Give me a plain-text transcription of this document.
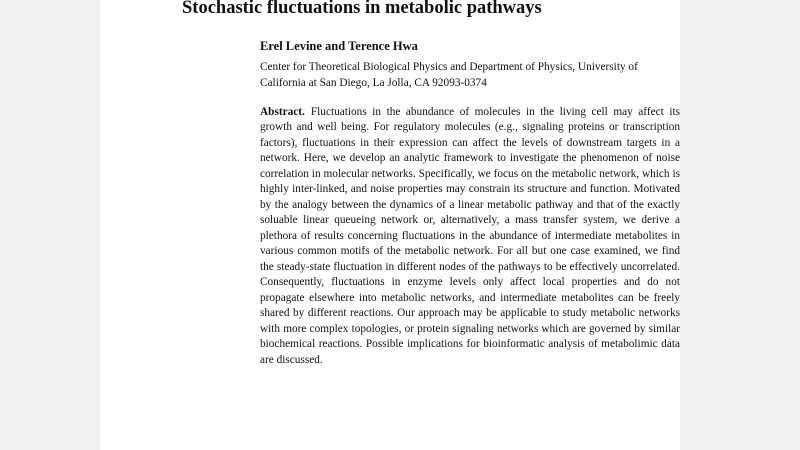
Stochastic fluctuations in metabolic pathways
Erel Levine and Terence Hwa
Center for Theoretical Biological Physics and Department of Physics, University of
California at San Diego, La Jolla, CA 92093-0374
Abstract. Fluctuations in the abundance of molecules in the living cell may affect its growth and well being. For regulatory molecules (e.g., signaling proteins or transcription factors), fluctuations in their expression can affect the levels of downstream targets in a network. Here, we develop an analytic framework to investigate the phenomenon of noise correlation in molecular networks. Specifically, we focus on the metabolic network, which is highly inter-linked, and noise properties may constrain its structure and function. Motivated by the analogy between the dynamics of a linear metabolic pathway and that of the exactly soluable linear queueing network or, alternatively, a mass transfer system, we derive a plethora of results concerning fluctuations in the abundance of intermediate metabolites in various common motifs of the metabolic network. For all but one case examined, we find the steady-state fluctuation in different nodes of the pathways to be effectively uncorrelated. Consequently, fluctuations in enzyme levels only affect local properties and do not propagate elsewhere into metabolic networks, and intermediate metabolites can be freely shared by different reactions. Our approach may be applicable to study metabolic networks with more complex topologies, or protein signaling networks which are governed by similar biochemical reactions. Possible implications for bioinformatic analysis of metabolimic data are discussed.
